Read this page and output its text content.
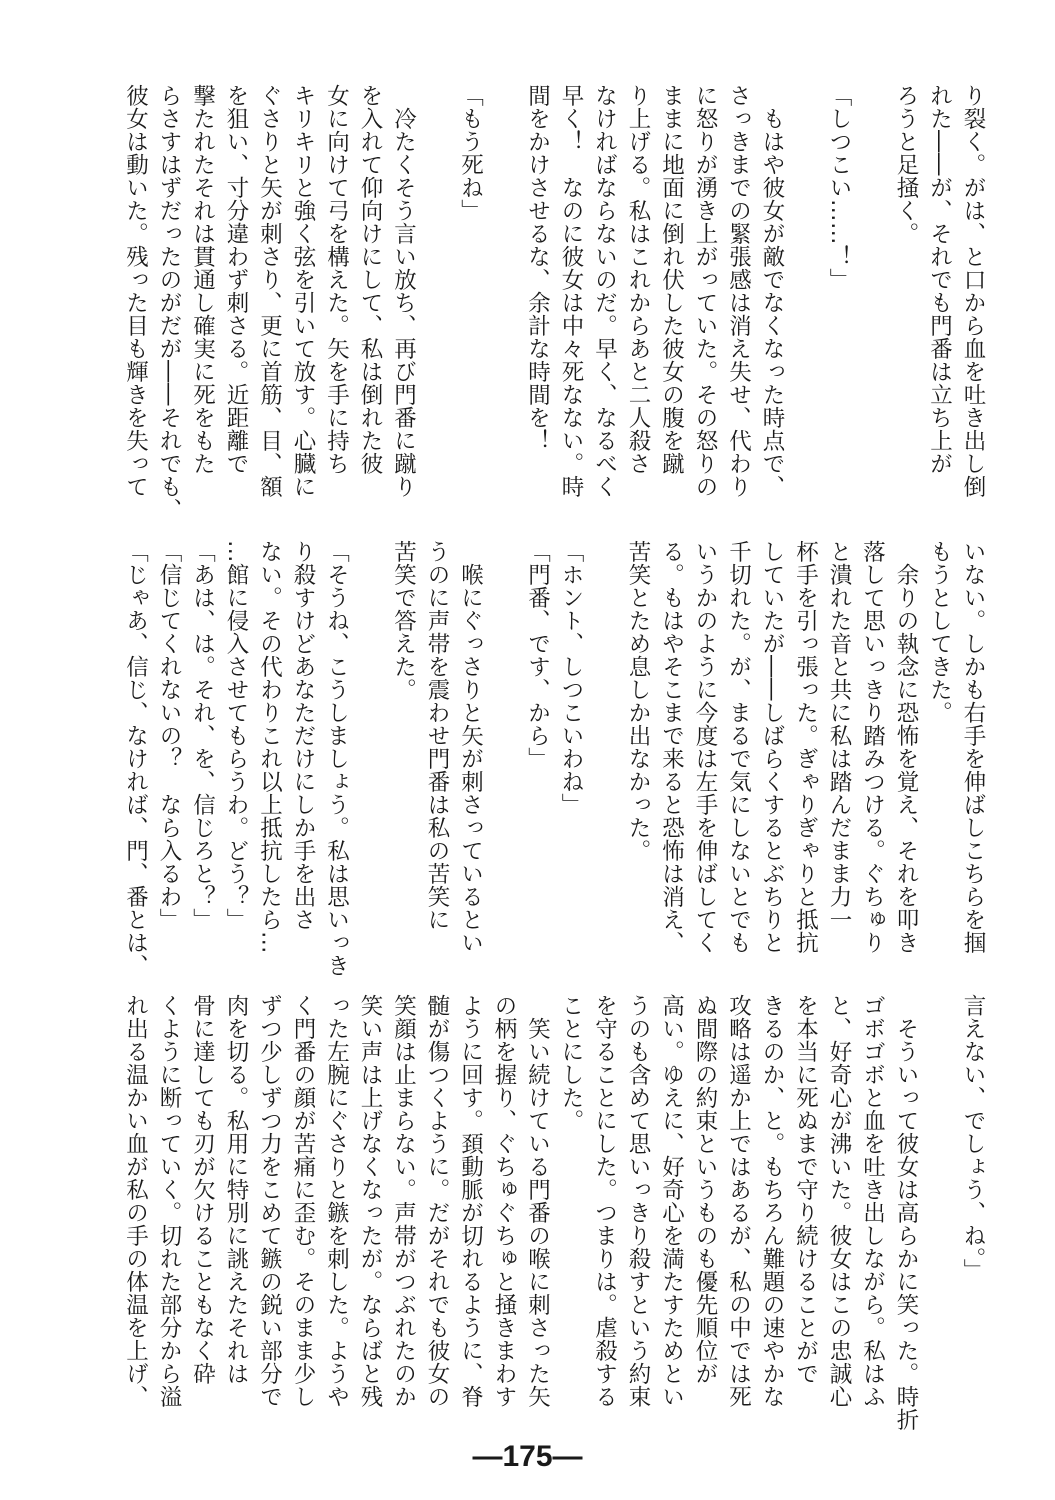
り裂く。がは、と口から血を吐き出し倒
れた――が、それでも門番は立ち上が
ろうと足掻く。
「しつこい……！」
　もはや彼女が敵でなくなった時点で、
さっきまでの緊張感は消え失せ、代わり
に怒りが湧き上がっていた。その怒りの
ままに地面に倒れ伏した彼女の腹を蹴
り上げる。私はこれからあと二人殺さ
なければならないのだ。早く、なるべく
早く！　なのに彼女は中々死なない。時
間をかけさせるな、余計な時間を！
「もう死ね」
　冷たくそう言い放ち、再び門番に蹴り
を入れて仰向けにして、私は倒れた彼
女に向けて弓を構えた。矢を手に持ち
キリキリと強く弦を引いて放す。心臓に
ぐさりと矢が刺さり、更に首筋、目、額
を狙い、寸分違わず刺さる。近距離で
撃たれたそれは貫通し確実に死をもた
らさすはずだったのがだが――それでも、
彼女は動いた。残った目も輝きを失って
いない。しかも右手を伸ばしこちらを掴
もうとしてきた。
　余りの執念に恐怖を覚え、それを叩き
落して思いっきり踏みつける。ぐちゅり
と潰れた音と共に私は踏んだまま力一
杯手を引っ張った。ぎゃりぎゃりと抵抗
していたが――しばらくするとぶちりと
千切れた。が、まるで気にしないとでも
いうかのように今度は左手を伸ばしてく
る。もはやそこまで来ると恐怖は消え、
苦笑とため息しか出なかった。
「ホント、しつこいわね」
「門番、です、から」
　喉にぐっさりと矢が刺さっているとい
うのに声帯を震わせ門番は私の苦笑に
苦笑で答えた。
「そうね、こうしましょう。私は思いっき
り殺すけどあなただけにしか手を出さ
ない。その代わりこれ以上抵抗したら…
…館に侵入させてもらうわ。どう？」
「あは、は。それ、を、信じろと？」
「信じてくれないの？　なら入るわ」
「じゃあ、信じ、なければ、門、番とは、
言えない、でしょう、ね。」
　そういって彼女は高らかに笑った。時折
ゴボゴボと血を吐き出しながら。私はふ
と、好奇心が沸いた。彼女はこの忠誠心
を本当に死ぬまで守り続けることがで
きるのか、と。もちろん難題の速やかな
攻略は遥か上ではあるが、私の中では死
ぬ間際の約束というものも優先順位が
高い。ゆえに、好奇心を満たすためとい
うのも含めて思いっきり殺すという約束
を守ることにした。つまりは。虐殺する
ことにした。
　笑い続けている門番の喉に刺さった矢
の柄を握り、ぐちゅぐちゅと掻きまわす
ように回す。頚動脈が切れるように、脊
髄が傷つくように。だがそれでも彼女の
笑顔は止まらない。声帯がつぶれたのか
笑い声は上げなくなったが。ならばと残
った左腕にぐさりと鏃を刺した。ようや
く門番の顔が苦痛に歪む。そのまま少し
ずつ少しずつ力をこめて鏃の鋭い部分で
肉を切る。私用に特別に誂えたそれは
骨に達しても刃が欠けることもなく砕
くように断っていく。切れた部分から溢
れ出る温かい血が私の手の体温を上げ、
―175―
